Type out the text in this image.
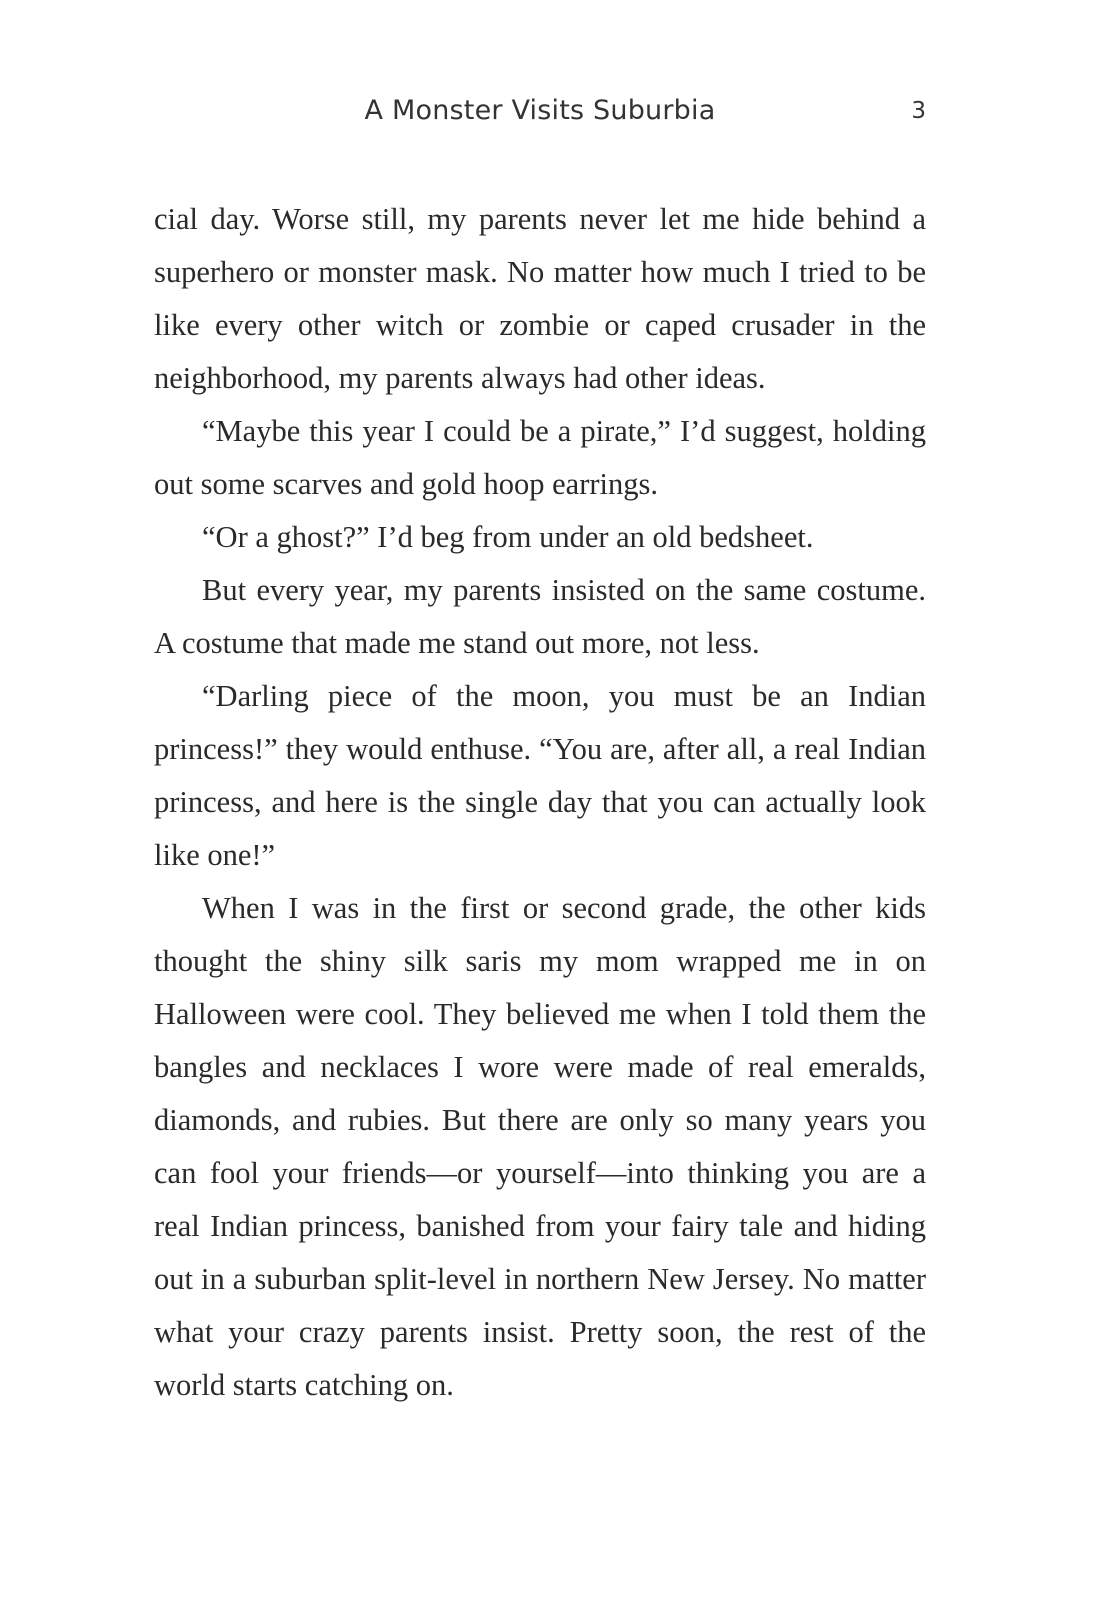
A Monster Visits Suburbia	3

cial day. Worse still, my parents never let me hide behind a superhero or monster mask. No matter how much I tried to be like every other witch or zombie or caped crusader in the neighborhood, my parents always had other ideas.

“Maybe this year I could be a pirate,” I’d suggest, holding out some scarves and gold hoop earrings.

“Or a ghost?” I’d beg from under an old bedsheet.

But every year, my parents insisted on the same costume. A costume that made me stand out more, not less.

“Darling piece of the moon, you must be an Indian princess!” they would enthuse. “You are, after all, a real Indian princess, and here is the single day that you can actually look like one!”

When I was in the first or second grade, the other kids thought the shiny silk saris my mom wrapped me in on Halloween were cool. They believed me when I told them the bangles and necklaces I wore were made of real emeralds, diamonds, and rubies. But there are only so many years you can fool your friends—or yourself—into thinking you are a real Indian princess, banished from your fairy tale and hiding out in a suburban split-level in northern New Jersey. No matter what your crazy parents insist. Pretty soon, the rest of the world starts catching on.
